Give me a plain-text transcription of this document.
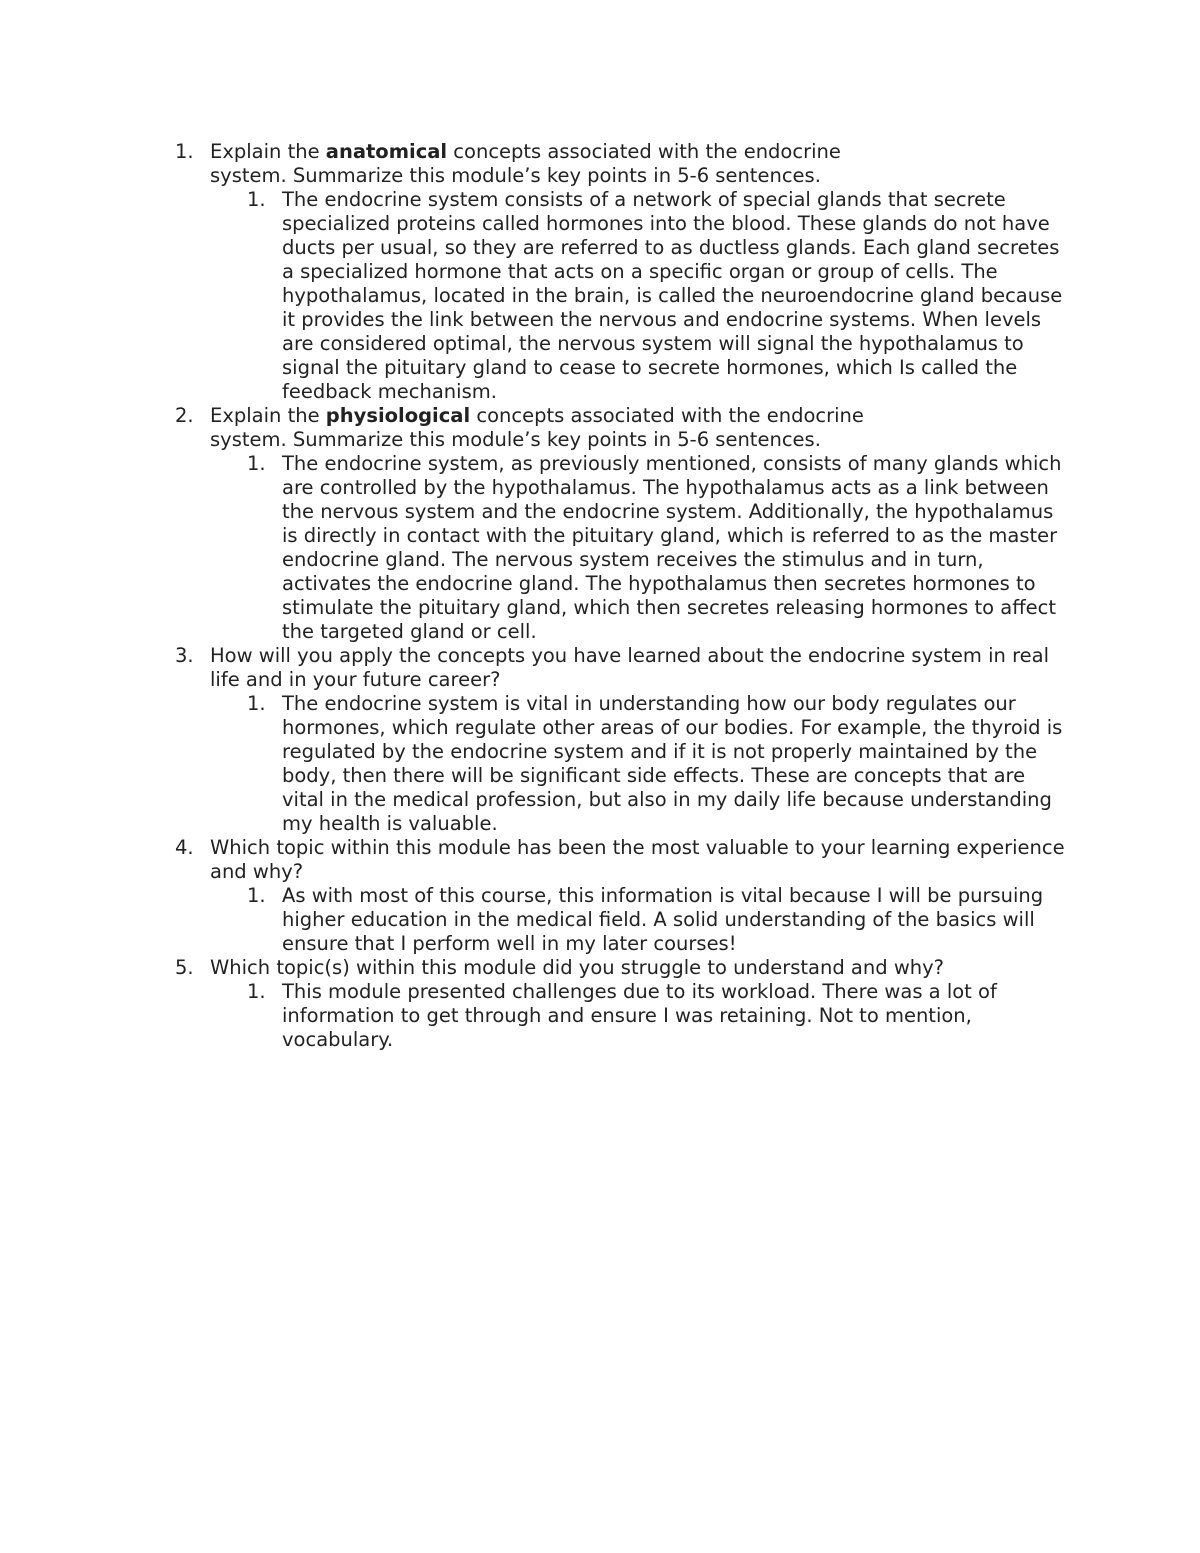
1. Explain the anatomical concepts associated with the endocrine
system. Summarize this module’s key points in 5-6 sentences.
1. The endocrine system consists of a network of special glands that secrete specialized proteins called hormones into the blood. These glands do not have ducts per usual, so they are referred to as ductless glands. Each gland secretes a specialized hormone that acts on a specific organ or group of cells. The hypothalamus, located in the brain, is called the neuroendocrine gland because it provides the link between the nervous and endocrine systems. When levels are considered optimal, the nervous system will signal the hypothalamus to signal the pituitary gland to cease to secrete hormones, which Is called the feedback mechanism.
2. Explain the physiological concepts associated with the endocrine
system. Summarize this module’s key points in 5-6 sentences.
1. The endocrine system, as previously mentioned, consists of many glands which are controlled by the hypothalamus. The hypothalamus acts as a link between the nervous system and the endocrine system. Additionally, the hypothalamus is directly in contact with the pituitary gland, which is referred to as the master endocrine gland. The nervous system receives the stimulus and in turn, activates the endocrine gland. The hypothalamus then secretes hormones to stimulate the pituitary gland, which then secretes releasing hormones to affect the targeted gland or cell.
3. How will you apply the concepts you have learned about the endocrine system in real life and in your future career?
1. The endocrine system is vital in understanding how our body regulates our hormones, which regulate other areas of our bodies. For example, the thyroid is regulated by the endocrine system and if it is not properly maintained by the body, then there will be significant side effects. These are concepts that are vital in the medical profession, but also in my daily life because understanding my health is valuable.
4. Which topic within this module has been the most valuable to your learning experience and why?
1. As with most of this course, this information is vital because I will be pursuing higher education in the medical field. A solid understanding of the basics will ensure that I perform well in my later courses!
5. Which topic(s) within this module did you struggle to understand and why?
1. This module presented challenges due to its workload. There was a lot of information to get through and ensure I was retaining. Not to mention, vocabulary.
